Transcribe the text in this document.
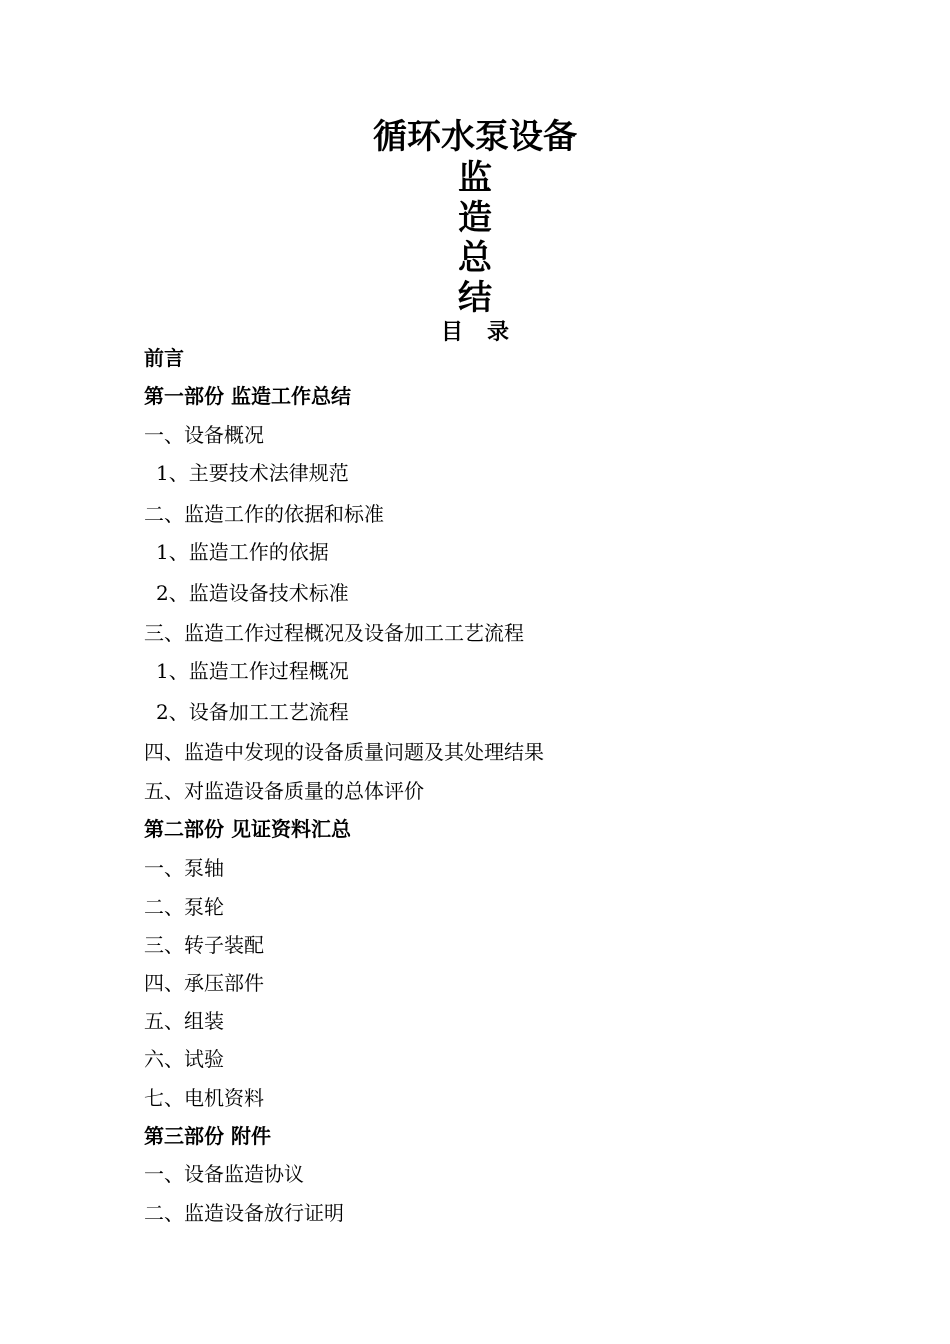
循环水泵设备
监
造
总
结
目 录
前言
第一部份 监造工作总结
一、设备概况
1、主要技术法律规范
二、监造工作的依据和标准
1、监造工作的依据
2、监造设备技术标准
三、监造工作过程概况及设备加工工艺流程
1、监造工作过程概况
2、设备加工工艺流程
四、监造中发现的设备质量问题及其处理结果
五、对监造设备质量的总体评价
第二部份 见证资料汇总
一、泵轴
二、泵轮
三、转子装配
四、承压部件
五、组装
六、试验
七、电机资料
第三部份 附件
一、设备监造协议
二、监造设备放行证明
